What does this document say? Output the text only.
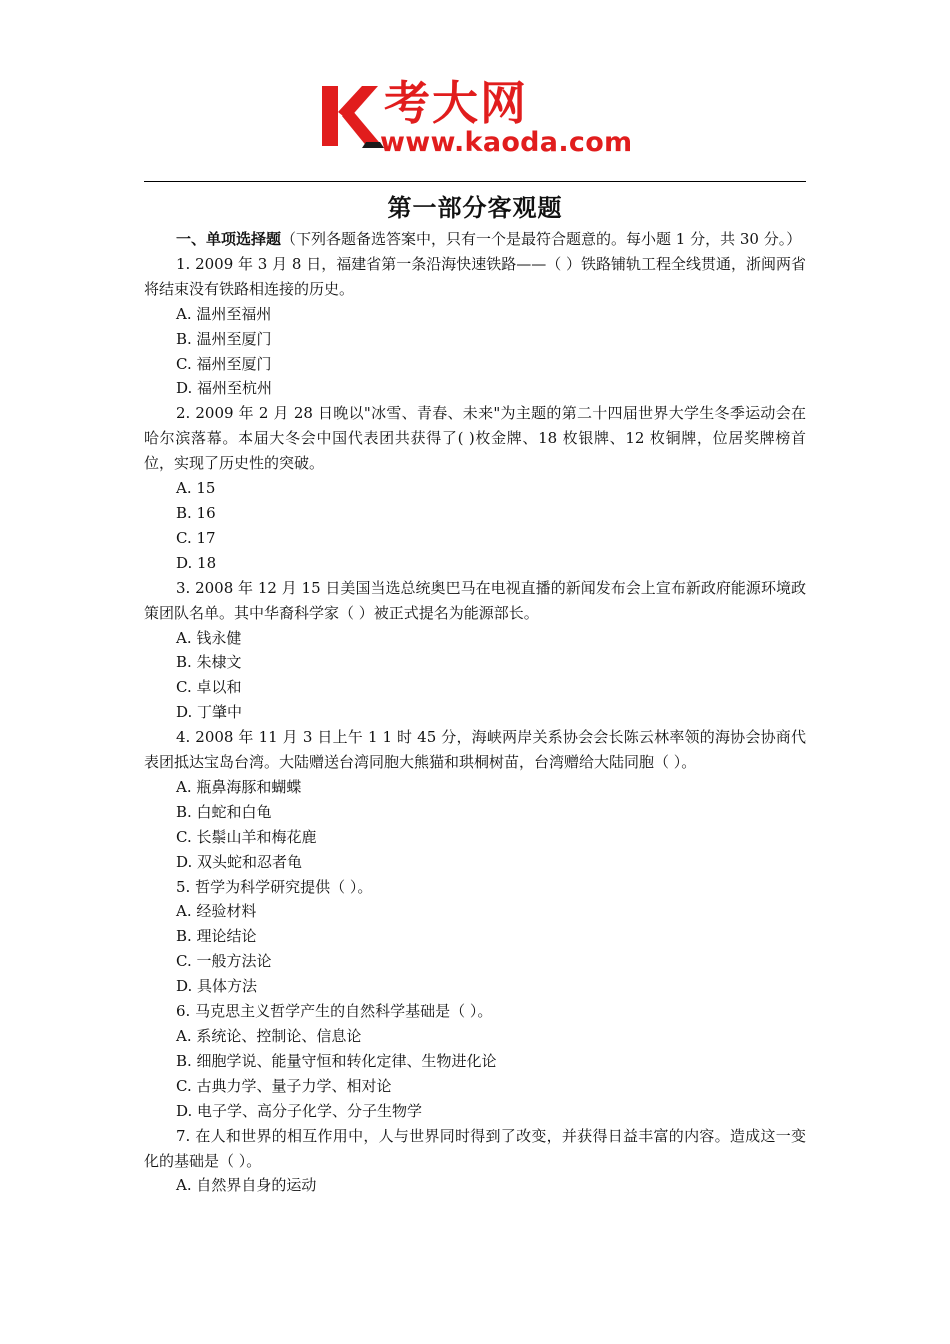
考大网
www.kaoda.com
第一部分客观题

一、单项选择题（下列各题备选答案中，只有一个是最符合题意的。每小题 1 分，共 30 分。）

1. 2009 年 3 月 8 日，福建省第一条沿海快速铁路——（ ）铁路铺轨工程全线贯通，浙闽两省将结束没有铁路相连接的历史。

A. 温州至福州

B. 温州至厦门

C. 福州至厦门

D. 福州至杭州

2. 2009 年 2 月 28 日晚以"冰雪、青春、未来"为主题的第二十四届世界大学生冬季运动会在哈尔滨落幕。本届大冬会中国代表团共获得了( )枚金牌、18 枚银牌、12 枚铜牌，位居奖牌榜首位，实现了历史性的突破。

A. 15

B. 16

C. 17

D. 18

3. 2008 年 12 月 15 日美国当选总统奥巴马在电视直播的新闻发布会上宣布新政府能源环境政策团队名单。其中华裔科学家（ ）被正式提名为能源部长。

A. 钱永健

B. 朱棣文

C. 卓以和

D. 丁肇中

4. 2008 年 11 月 3 日上午 1 1 时 45 分，海峡两岸关系协会会长陈云林率领的海协会协商代表团抵达宝岛台湾。大陆赠送台湾同胞大熊猫和珙桐树苗，台湾赠给大陆同胞（ ）。

A. 瓶鼻海豚和蝴蝶

B. 白蛇和白龟

C. 长鬃山羊和梅花鹿

D. 双头蛇和忍者龟

5. 哲学为科学研究提供（ ）。

A. 经验材料

B. 理论结论

C. 一般方法论

D. 具体方法

6. 马克思主义哲学产生的自然科学基础是（ ）。

A. 系统论、控制论、信息论

B. 细胞学说、能量守恒和转化定律、生物进化论

C. 古典力学、量子力学、相对论

D. 电子学、高分子化学、分子生物学

7. 在人和世界的相互作用中，人与世界同时得到了改变，并获得日益丰富的内容。造成这一变化的基础是（ ）。

A. 自然界自身的运动
